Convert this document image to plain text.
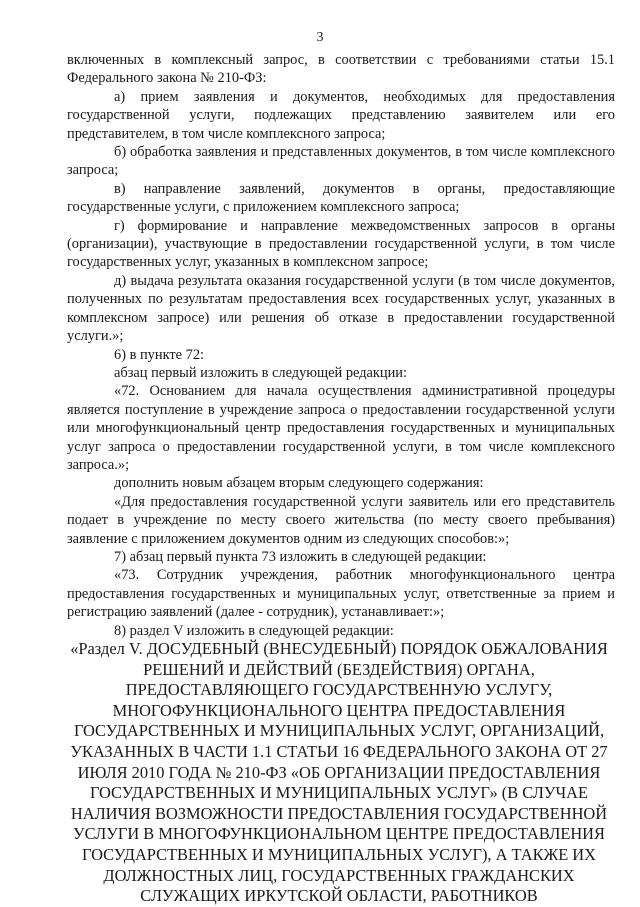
3

включенных в комплексный запрос, в соответствии с требованиями статьи 15.1 Федерального закона № 210-ФЗ:

а) прием заявления и документов, необходимых для предоставления государственной услуги, подлежащих представлению заявителем или его представителем, в том числе комплексного запроса;

б) обработка заявления и представленных документов, в том числе комплексного запроса;

в) направление заявлений, документов в органы, предоставляющие государственные услуги, с приложением комплексного запроса;

г) формирование и направление межведомственных запросов в органы (организации), участвующие в предоставлении государственной услуги, в том числе государственных услуг, указанных в комплексном запросе;

д) выдача результата оказания государственной услуги (в том числе документов, полученных по результатам предоставления всех государственных услуг, указанных в комплексном запросе) или решения об отказе в предоставлении государственной услуги.»;

6) в пункте 72:

абзац первый изложить в следующей редакции:

«72. Основанием для начала осуществления административной процедуры является поступление в учреждение запроса о предоставлении государственной услуги или многофункциональный центр предоставления государственных и муниципальных услуг запроса о предоставлении государственной услуги, в том числе комплексного запроса.»;

дополнить новым абзацем вторым следующего содержания:

«Для предоставления государственной услуги заявитель или его представитель подает в учреждение по месту своего жительства (по месту своего пребывания) заявление с приложением документов одним из следующих способов:»;

7) абзац первый пункта 73 изложить в следующей редакции:

«73. Сотрудник учреждения, работник многофункционального центра предоставления государственных и муниципальных услуг, ответственные за прием и регистрацию заявлений (далее - сотрудник), устанавливает:»;

8) раздел V изложить в следующей редакции:

«Раздел V. ДОСУДЕБНЫЙ (ВНЕСУДЕБНЫЙ) ПОРЯДОК ОБЖАЛОВАНИЯ РЕШЕНИЙ И ДЕЙСТВИЙ (БЕЗДЕЙСТВИЯ) ОРГАНА, ПРЕДОСТАВЛЯЮЩЕГО ГОСУДАРСТВЕННУЮ УСЛУГУ, МНОГОФУНКЦИОНАЛЬНОГО ЦЕНТРА ПРЕДОСТАВЛЕНИЯ ГОСУДАРСТВЕННЫХ И МУНИЦИПАЛЬНЫХ УСЛУГ, ОРГАНИЗАЦИЙ, УКАЗАННЫХ В ЧАСТИ 1.1 СТАТЬИ 16 ФЕДЕРАЛЬНОГО ЗАКОНА ОТ 27 ИЮЛЯ 2010 ГОДА № 210-ФЗ «ОБ ОРГАНИЗАЦИИ ПРЕДОСТАВЛЕНИЯ ГОСУДАРСТВЕННЫХ И МУНИЦИПАЛЬНЫХ УСЛУГ» (В СЛУЧАЕ НАЛИЧИЯ ВОЗМОЖНОСТИ ПРЕДОСТАВЛЕНИЯ ГОСУДАРСТВЕННОЙ УСЛУГИ В МНОГОФУНКЦИОНАЛЬНОМ ЦЕНТРЕ ПРЕДОСТАВЛЕНИЯ ГОСУДАРСТВЕННЫХ И МУНИЦИПАЛЬНЫХ УСЛУГ), А ТАКЖЕ ИХ ДОЛЖНОСТНЫХ ЛИЦ, ГОСУДАРСТВЕННЫХ ГРАЖДАНСКИХ СЛУЖАЩИХ ИРКУТСКОЙ ОБЛАСТИ, РАБОТНИКОВ
